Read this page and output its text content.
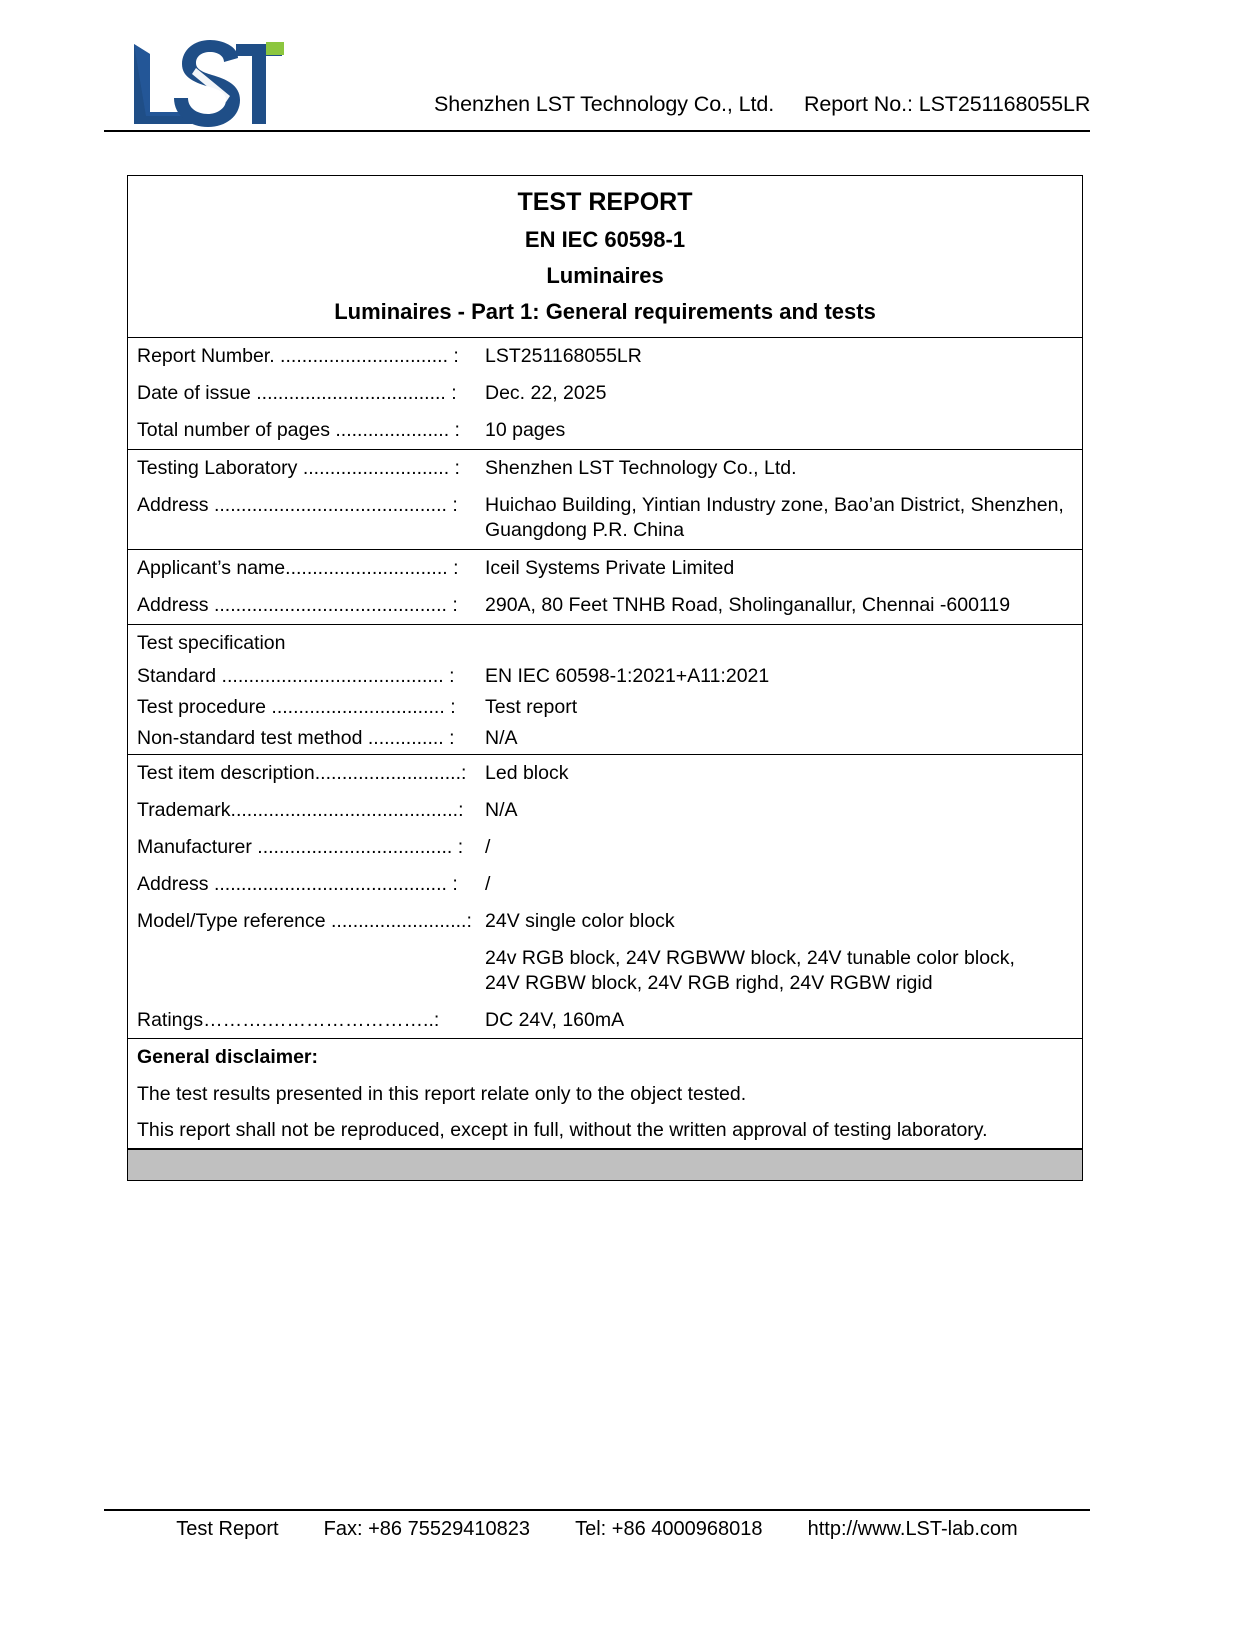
Shenzhen LST Technology Co., Ltd. Report No.: LST251168055LR
TEST REPORT
EN IEC 60598-1
Luminaires
Luminaires - Part 1: General requirements and tests
Report Number. ............................... :	LST251168055LR
Date of issue ................................... :	Dec. 22, 2025
Total number of pages ..................... :	10 pages
Testing Laboratory ........................... :	Shenzhen LST Technology Co., Ltd.
Address ........................................... :	Huichao Building, Yintian Industry zone, Bao’an District, Shenzhen, Guangdong P.R. China
Applicant’s name.............................. :	Iceil Systems Private Limited
Address ........................................... :	290A, 80 Feet TNHB Road, Sholinganallur, Chennai -600119
Test specification
Standard ......................................... :	EN IEC 60598-1:2021+A11:2021
Test procedure ................................ :	Test report
Non-standard test method .............. :	N/A
Test item description...........................: Led block
Trademark..........................................:	N/A
Manufacturer .................................... :	/
Address ........................................... :	/
Model/Type reference .........................: 24V single color block
24v RGB block, 24V RGBWW block, 24V tunable color block,
24V RGBW block, 24V RGB righd, 24V RGBW rigid
Ratings……….……………………..:	DC 24V, 160mA
General disclaimer:
The test results presented in this report relate only to the object tested.
This report shall not be reproduced, except in full, without the written approval of testing laboratory.
Test Report Fax: +86 75529410823 Tel: +86 4000968018 http://www.LST-lab.com
